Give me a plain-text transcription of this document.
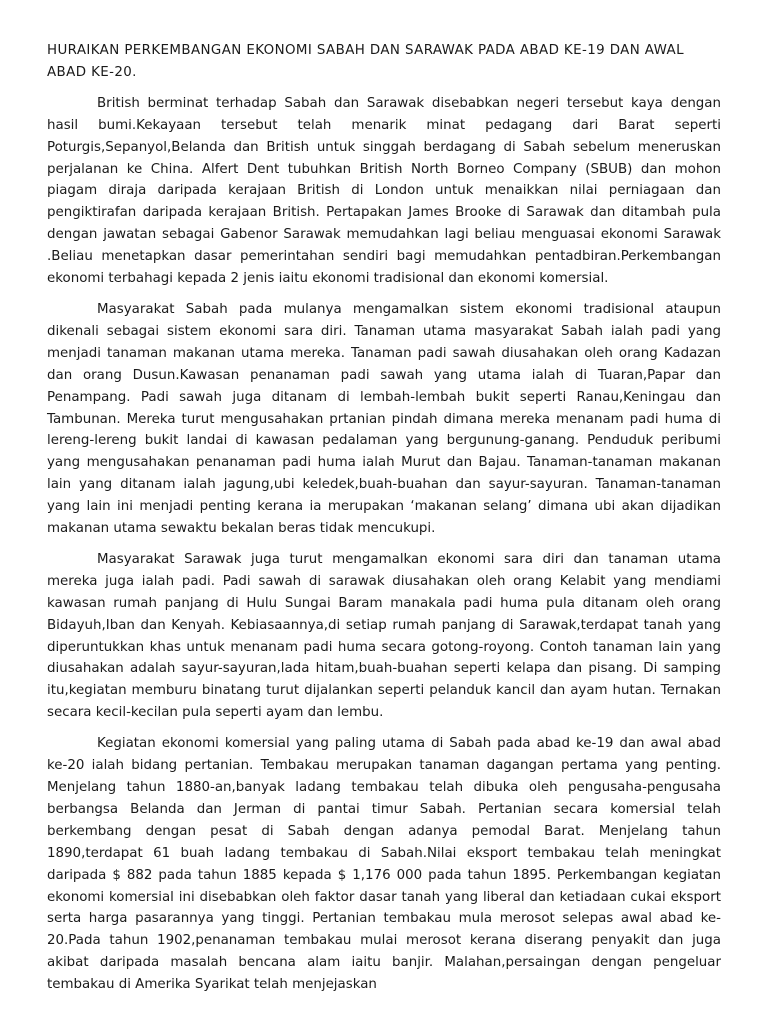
HURAIKAN PERKEMBANGAN EKONOMI SABAH DAN SARAWAK PADA ABAD KE-19 DAN AWAL ABAD KE-20.

British berminat terhadap Sabah dan Sarawak disebabkan negeri tersebut kaya dengan hasil bumi.Kekayaan tersebut telah menarik minat pedagang dari Barat seperti Poturgis,Sepanyol,Belanda dan British untuk singgah berdagang di Sabah sebelum meneruskan perjalanan ke China. Alfert Dent tubuhkan British North Borneo Company (SBUB) dan mohon piagam diraja daripada kerajaan British di London untuk menaikkan nilai perniagaan dan pengiktirafan daripada kerajaan British. Pertapakan James Brooke di Sarawak dan ditambah pula dengan jawatan sebagai Gabenor Sarawak memudahkan lagi beliau menguasai ekonomi Sarawak .Beliau menetapkan dasar pemerintahan sendiri bagi memudahkan pentadbiran.Perkembangan ekonomi terbahagi kepada 2 jenis iaitu ekonomi tradisional dan ekonomi komersial.

Masyarakat Sabah pada mulanya mengamalkan sistem ekonomi tradisional ataupun dikenali sebagai sistem ekonomi sara diri. Tanaman utama masyarakat Sabah ialah padi yang menjadi tanaman makanan utama mereka. Tanaman padi sawah diusahakan oleh orang Kadazan dan orang Dusun.Kawasan penanaman padi sawah yang utama ialah di Tuaran,Papar dan Penampang. Padi sawah juga ditanam di lembah-lembah bukit seperti Ranau,Keningau dan Tambunan. Mereka turut mengusahakan prtanian pindah dimana mereka menanam padi huma di lereng-lereng bukit landai di kawasan pedalaman yang bergunung-ganang. Penduduk peribumi yang mengusahakan penanaman padi huma ialah Murut dan Bajau. Tanaman-tanaman makanan lain yang ditanam ialah jagung,ubi keledek,buah-buahan dan sayur-sayuran. Tanaman-tanaman yang lain ini menjadi penting kerana ia merupakan ‘makanan selang’ dimana ubi akan dijadikan makanan utama sewaktu bekalan beras tidak mencukupi.

Masyarakat Sarawak juga turut mengamalkan ekonomi sara diri dan tanaman utama mereka juga ialah padi. Padi sawah di sarawak diusahakan oleh orang Kelabit yang mendiami kawasan rumah panjang di Hulu Sungai Baram manakala padi huma pula ditanam oleh orang Bidayuh,Iban dan Kenyah. Kebiasaannya,di setiap rumah panjang di Sarawak,terdapat tanah yang diperuntukkan khas untuk menanam padi huma secara gotong-royong. Contoh tanaman lain yang diusahakan adalah sayur-sayuran,lada hitam,buah-buahan seperti kelapa dan pisang. Di samping itu,kegiatan memburu binatang turut dijalankan seperti pelanduk kancil dan ayam hutan. Ternakan secara kecil-kecilan pula seperti ayam dan lembu.

Kegiatan ekonomi komersial yang paling utama di Sabah pada abad ke-19 dan awal abad ke-20 ialah bidang pertanian. Tembakau merupakan tanaman dagangan pertama yang penting. Menjelang tahun 1880-an,banyak ladang tembakau telah dibuka oleh pengusaha-pengusaha berbangsa Belanda dan Jerman di pantai timur Sabah. Pertanian secara komersial telah berkembang dengan pesat di Sabah dengan adanya pemodal Barat. Menjelang tahun 1890,terdapat 61 buah ladang tembakau di Sabah.Nilai eksport tembakau telah meningkat daripada $ 882 pada tahun 1885 kepada $ 1,176 000 pada tahun 1895. Perkembangan kegiatan ekonomi komersial ini disebabkan oleh faktor dasar tanah yang liberal dan ketiadaan cukai eksport serta harga pasarannya yang tinggi. Pertanian tembakau mula merosot selepas awal abad ke-20.Pada tahun 1902,penanaman tembakau mulai merosot kerana diserang penyakit dan juga akibat daripada masalah bencana alam iaitu banjir. Malahan,persaingan dengan pengeluar tembakau di Amerika Syarikat telah menjejaskan
